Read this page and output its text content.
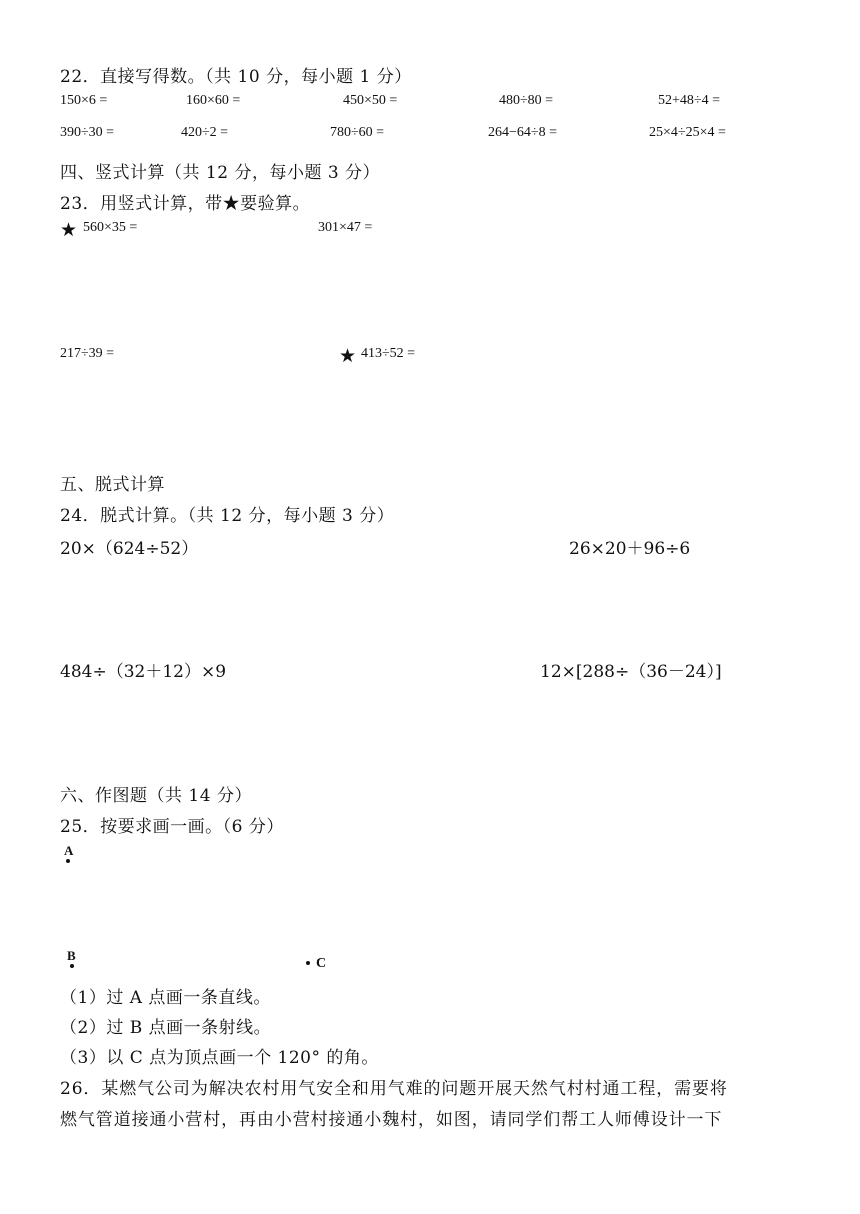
22．直接写得数。（共 10 分，每小题 1 分）
150×6 =	160×60 =	450×50 =	480÷80 =	52+48÷4 =
390÷30 =	420÷2 =	780÷60 =	264−64÷8 =	25×4÷25×4 =
四、竖式计算（共 12 分，每小题 3 分）
23．用竖式计算，带★要验算。
★ 560×35 =	301×47 =
217÷39 =	★ 413÷52 =
五、脱式计算
24．脱式计算。（共 12 分，每小题 3 分）
20×（624÷52）	26×20＋96÷6
484÷（32＋12）×9	12×[288÷（36－24）]
六、作图题（共 14 分）
25．按要求画一画。（6 分）
A
B
C
（1）过 A 点画一条直线。
（2）过 B 点画一条射线。
（3）以 C 点为顶点画一个 120° 的角。
26．某燃气公司为解决农村用气安全和用气难的问题开展天然气村村通工程，需要将
燃气管道接通小营村，再由小营村接通小魏村，如图，请同学们帮工人师傅设计一下
